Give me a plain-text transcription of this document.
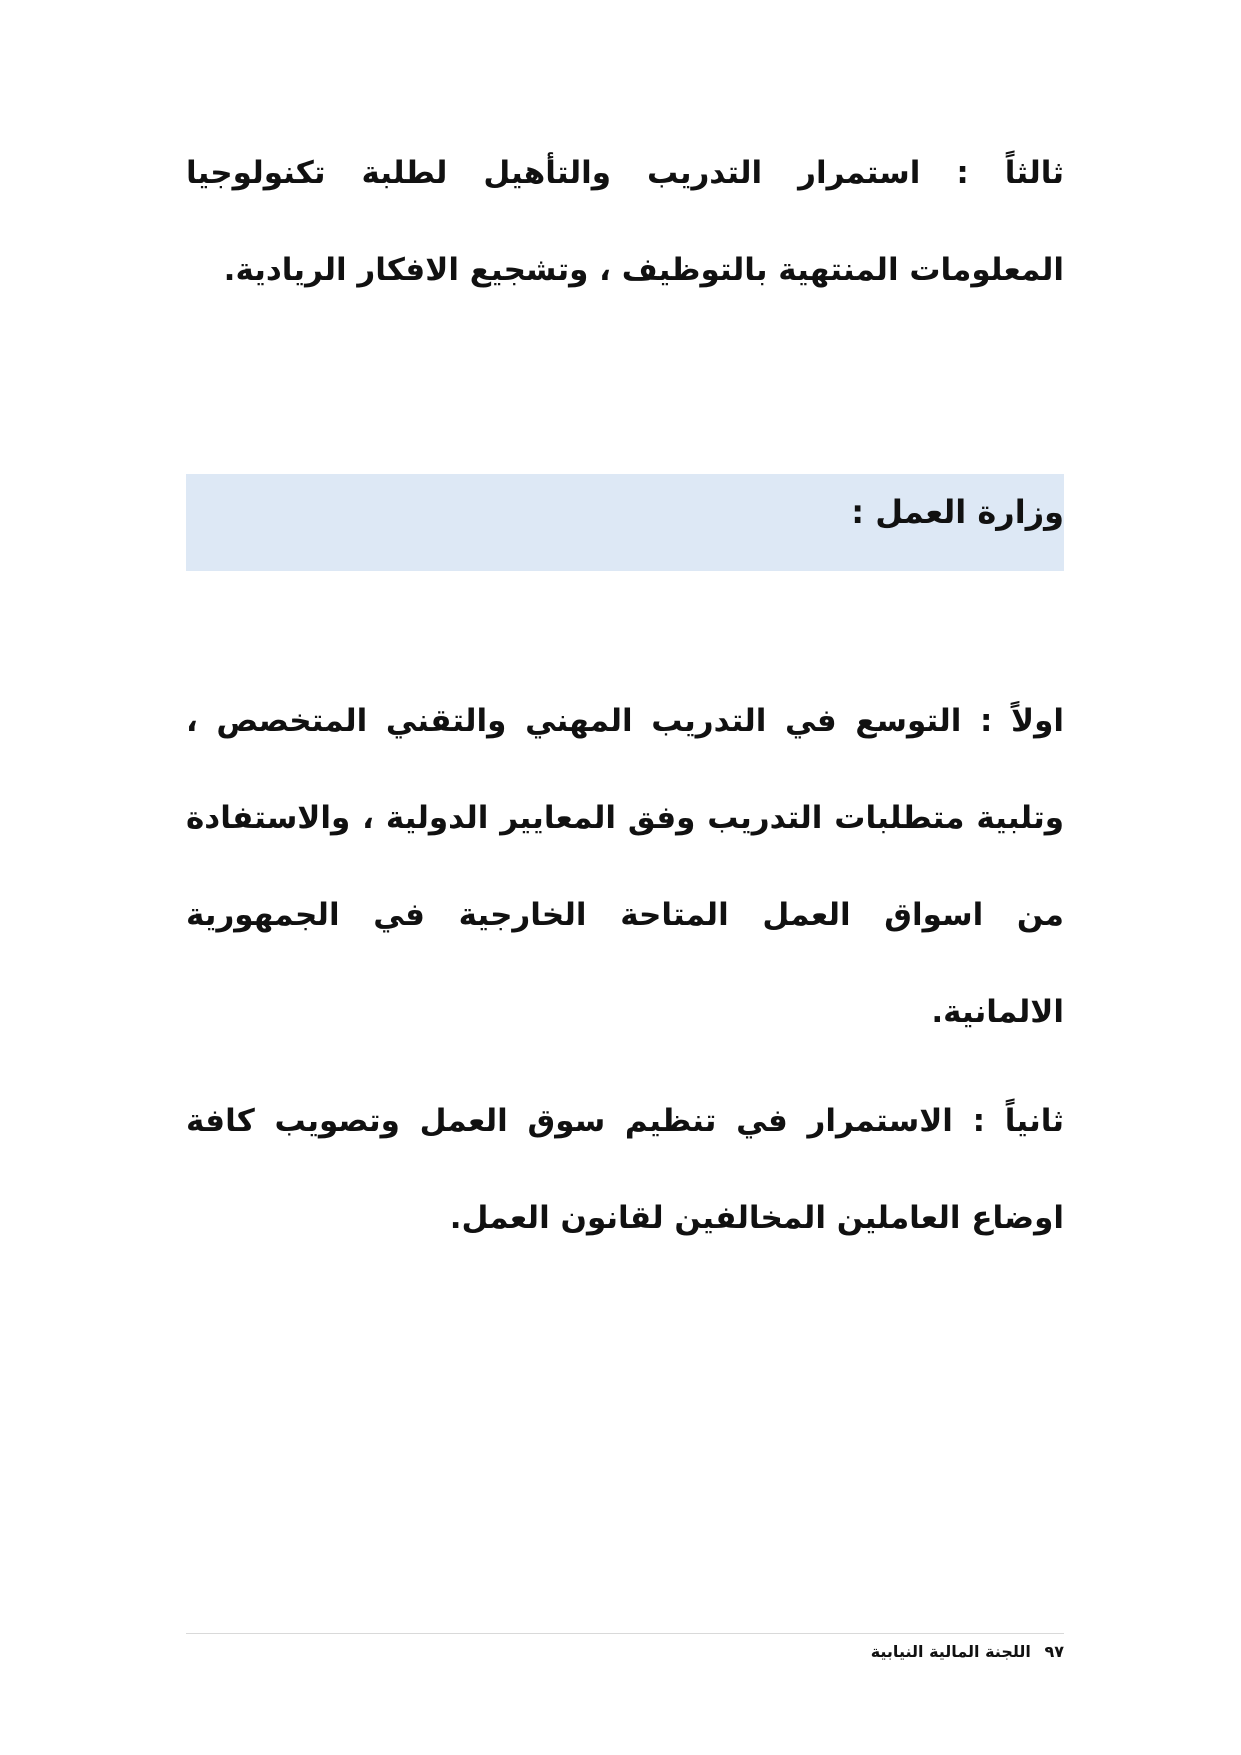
ثالثاً : استمرار التدريب والتأهيل لطلبة تكنولوجيا المعلومات المنتهية بالتوظيف ، وتشجيع الافكار الريادية.

وزارة العمل :

اولاً : التوسع في التدريب المهني والتقني المتخصص ، وتلبية متطلبات التدريب وفق المعايير الدولية ، والاستفادة من اسواق العمل المتاحة الخارجية في الجمهورية الالمانية.

ثانياً : الاستمرار في تنظيم سوق العمل وتصويب كافة اوضاع العاملين المخالفين لقانون العمل.

٩٧ اللجنة المالية النيابية
